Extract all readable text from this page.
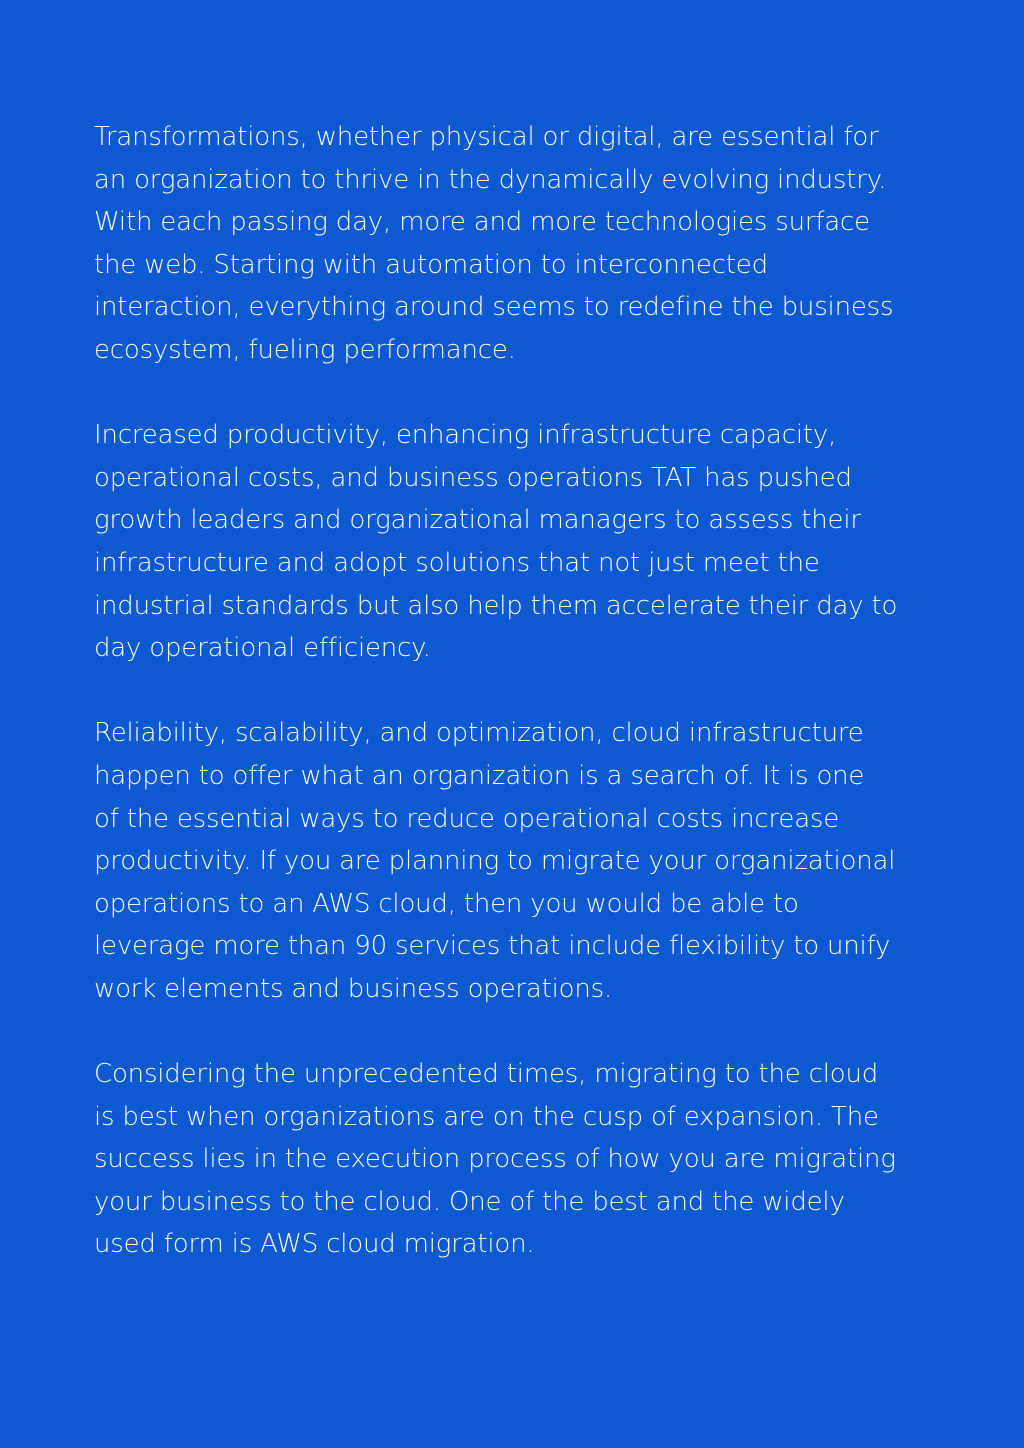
Transformations, whether physical or digital, are essential for
an organization to thrive in the dynamically evolving industry.
With each passing day, more and more technologies surface
the web. Starting with automation to interconnected
interaction, everything around seems to redefine the business
ecosystem, fueling performance.
Increased productivity, enhancing infrastructure capacity,
operational costs, and business operations TAT has pushed
growth leaders and organizational managers to assess their
infrastructure and adopt solutions that not just meet the
industrial standards but also help them accelerate their day to
day operational efficiency.
Reliability, scalability, and optimization, cloud infrastructure
happen to offer what an organization is a search of. It is one
of the essential ways to reduce operational costs increase
productivity. If you are planning to migrate your organizational
operations to an AWS cloud, then you would be able to
leverage more than 90 services that include flexibility to unify
work elements and business operations.
Considering the unprecedented times, migrating to the cloud
is best when organizations are on the cusp of expansion. The
success lies in the execution process of how you are migrating
your business to the cloud. One of the best and the widely
used form is AWS cloud migration.
